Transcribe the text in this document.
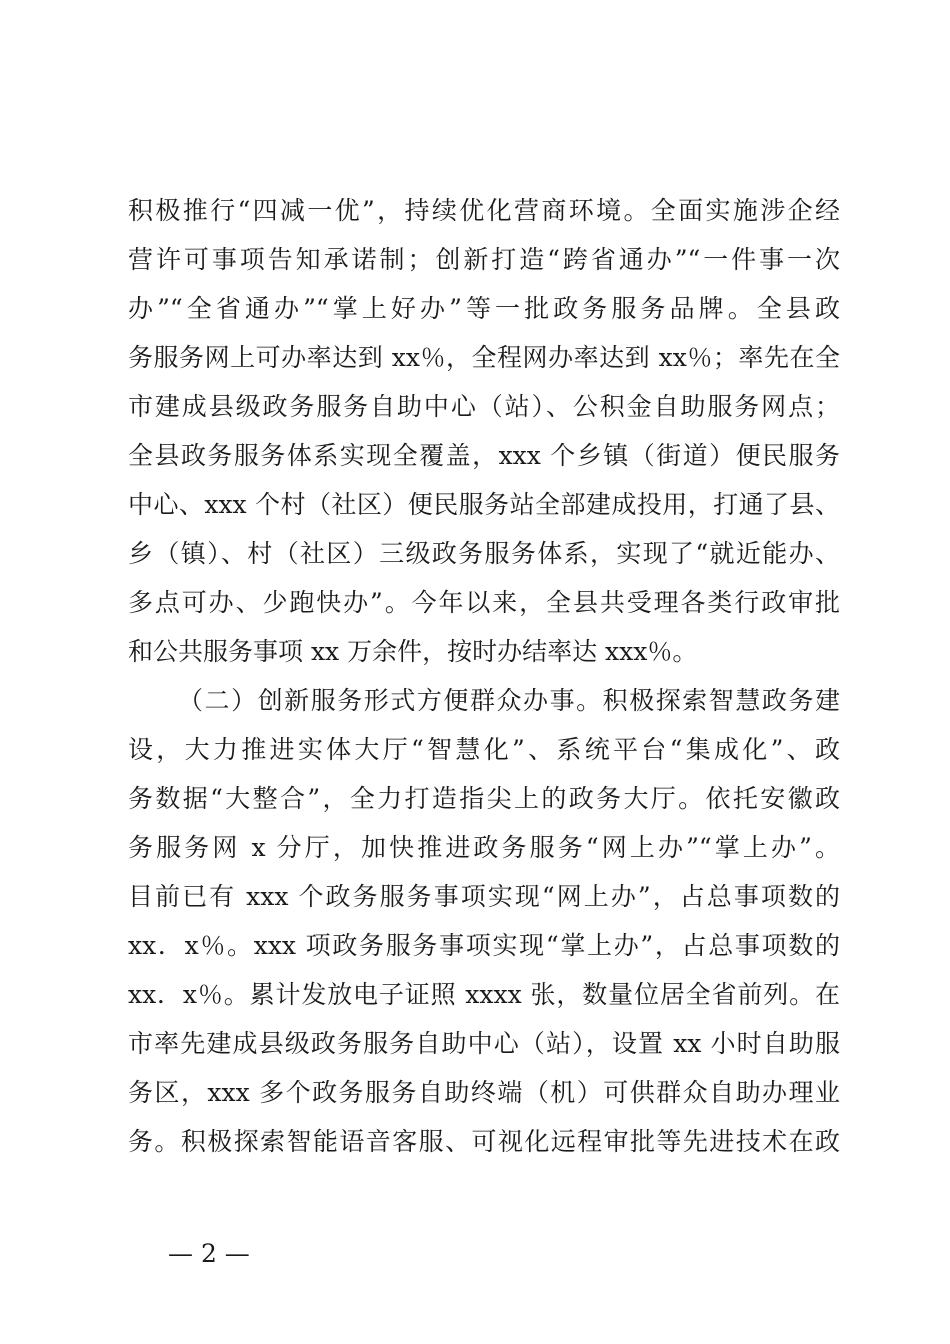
积极推行“四减一优”，持续优化营商环境。全面实施涉企经
营许可事项告知承诺制；创新打造“跨省通办”“一件事一次
办”“全省通办”“掌上好办”等一批政务服务品牌。全县政
务服务网上可办率达到 xx％，全程网办率达到 xx％；率先在全
市建成县级政务服务自助中心（站）、公积金自助服务网点；
全县政务服务体系实现全覆盖，xxx 个乡镇（街道）便民服务
中心、xxx 个村（社区）便民服务站全部建成投用，打通了县、
乡（镇）、村（社区）三级政务服务体系，实现了“就近能办、
多点可办、少跑快办”。今年以来，全县共受理各类行政审批
和公共服务事项 xx 万余件，按时办结率达 xxx％。
（二）创新服务形式方便群众办事。积极探索智慧政务建
设，大力推进实体大厅“智慧化”、系统平台“集成化”、政
务数据“大整合”，全力打造指尖上的政务大厅。依托安徽政
务服务网 x 分厅，加快推进政务服务“网上办”“掌上办”。
目前已有 xxx 个政务服务事项实现“网上办”，占总事项数的
xx．x％。xxx 项政务服务事项实现“掌上办”，占总事项数的
xx．x％。累计发放电子证照 xxxx 张，数量位居全省前列。在
市率先建成县级政务服务自助中心（站），设置 xx 小时自助服
务区，xxx 多个政务服务自助终端（机）可供群众自助办理业
务。积极探索智能语音客服、可视化远程审批等先进技术在政
— 2 —
